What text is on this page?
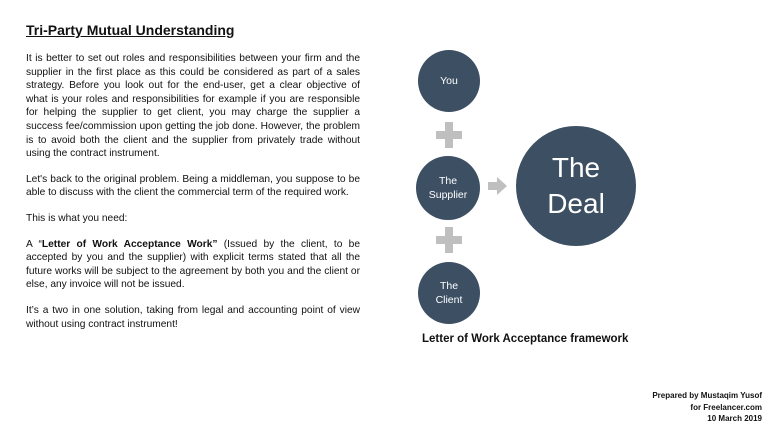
Tri-Party Mutual Understanding

It is better to set out roles and responsibilities between your firm and the supplier in the first place as this could be considered as part of a sales strategy. Before you look out for the end-user, get a clear objective of what is your roles and responsibilities for example if you are responsible for helping the supplier to get client, you may charge the supplier a success fee/commission upon getting the job done. However, the problem is to avoid both the client and the supplier from privately trade without using the contract instrument.

Let's back to the original problem. Being a middleman, you suppose to be able to discuss with the client the commercial term of the required work.

This is what you need:

A “Letter of Work Acceptance Work” (Issued by the client, to be accepted by you and the supplier) with explicit terms stated that all the future works will be subject to the agreement by both you and the client or else, any invoice will not be issued.

It’s a two in one solution, taking from legal and accounting point of view without using contract instrument!

You
The
Supplier
The
Client
The
Deal

Letter of Work Acceptance framework

Prepared by Mustaqim Yusof
for Freelancer.com
10 March 2019
